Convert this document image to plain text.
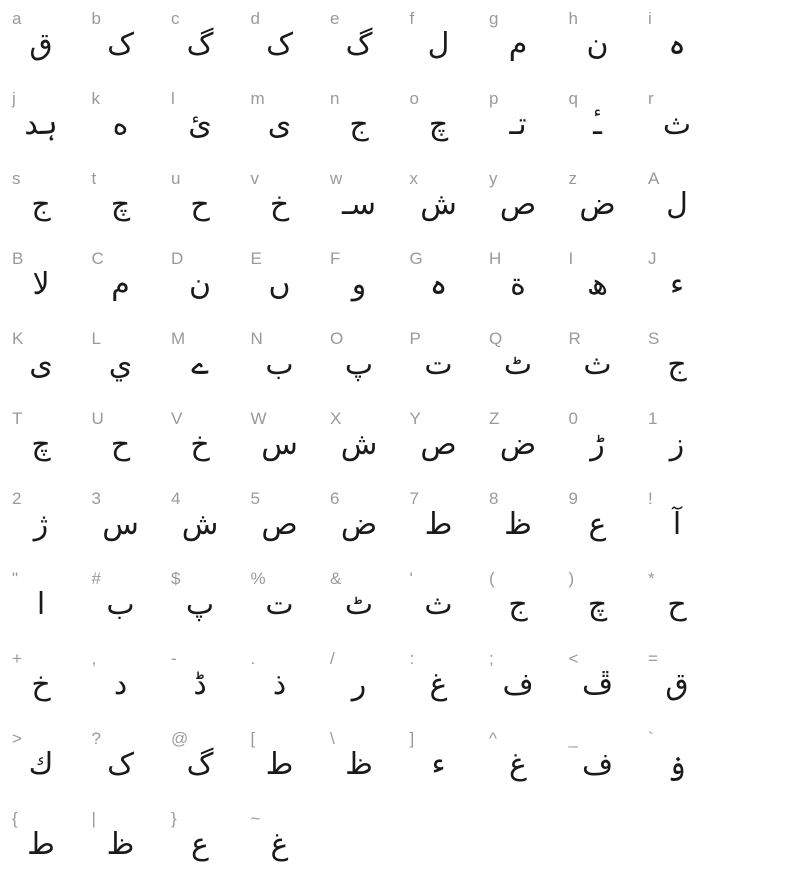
a
ق
b
ک
c
گ
d
ک
e
گ
f
ل
g
م
h
ن
i
ہ
j
ہد
k
ه
l
ئ
m
ی
n
ج
o
چ
p
تـ
q
ـٔ
r
ث
s
ج
t
چ
u
ح
v
خ
w
سـ
x
ش
y
ص
z
ض
A
ل
B
لا
C
م
D
ن
E
ں
F
و
G
ہ
H
ة
I
ھ
J
ء
K
ی
L
ي
M
ے
N
ب
O
پ
P
ت
Q
ٹ
R
ث
S
ج
T
چ
U
ح
V
خ
W
س
X
ش
Y
ص
Z
ض
0
ڑ
1
ز
2
ژ
3
س
4
ش
5
ص
6
ض
7
ط
8
ظ
9
ع
!
آ
"
ا
#
ب
$
پ
%
ت
&
ٹ
'
ث
(
ج
)
چ
*
ح
+
خ
,
د
-
ڈ
.
ذ
/
ر
:
غ
;
ف
<
ڦ
=
ق
>
ك
?
ک
@
گ
[
ط
\
ظ
]
ء
^
غ
_
ف
`
ۏ
{
ط
|
ظ
}
ع
~
غ
